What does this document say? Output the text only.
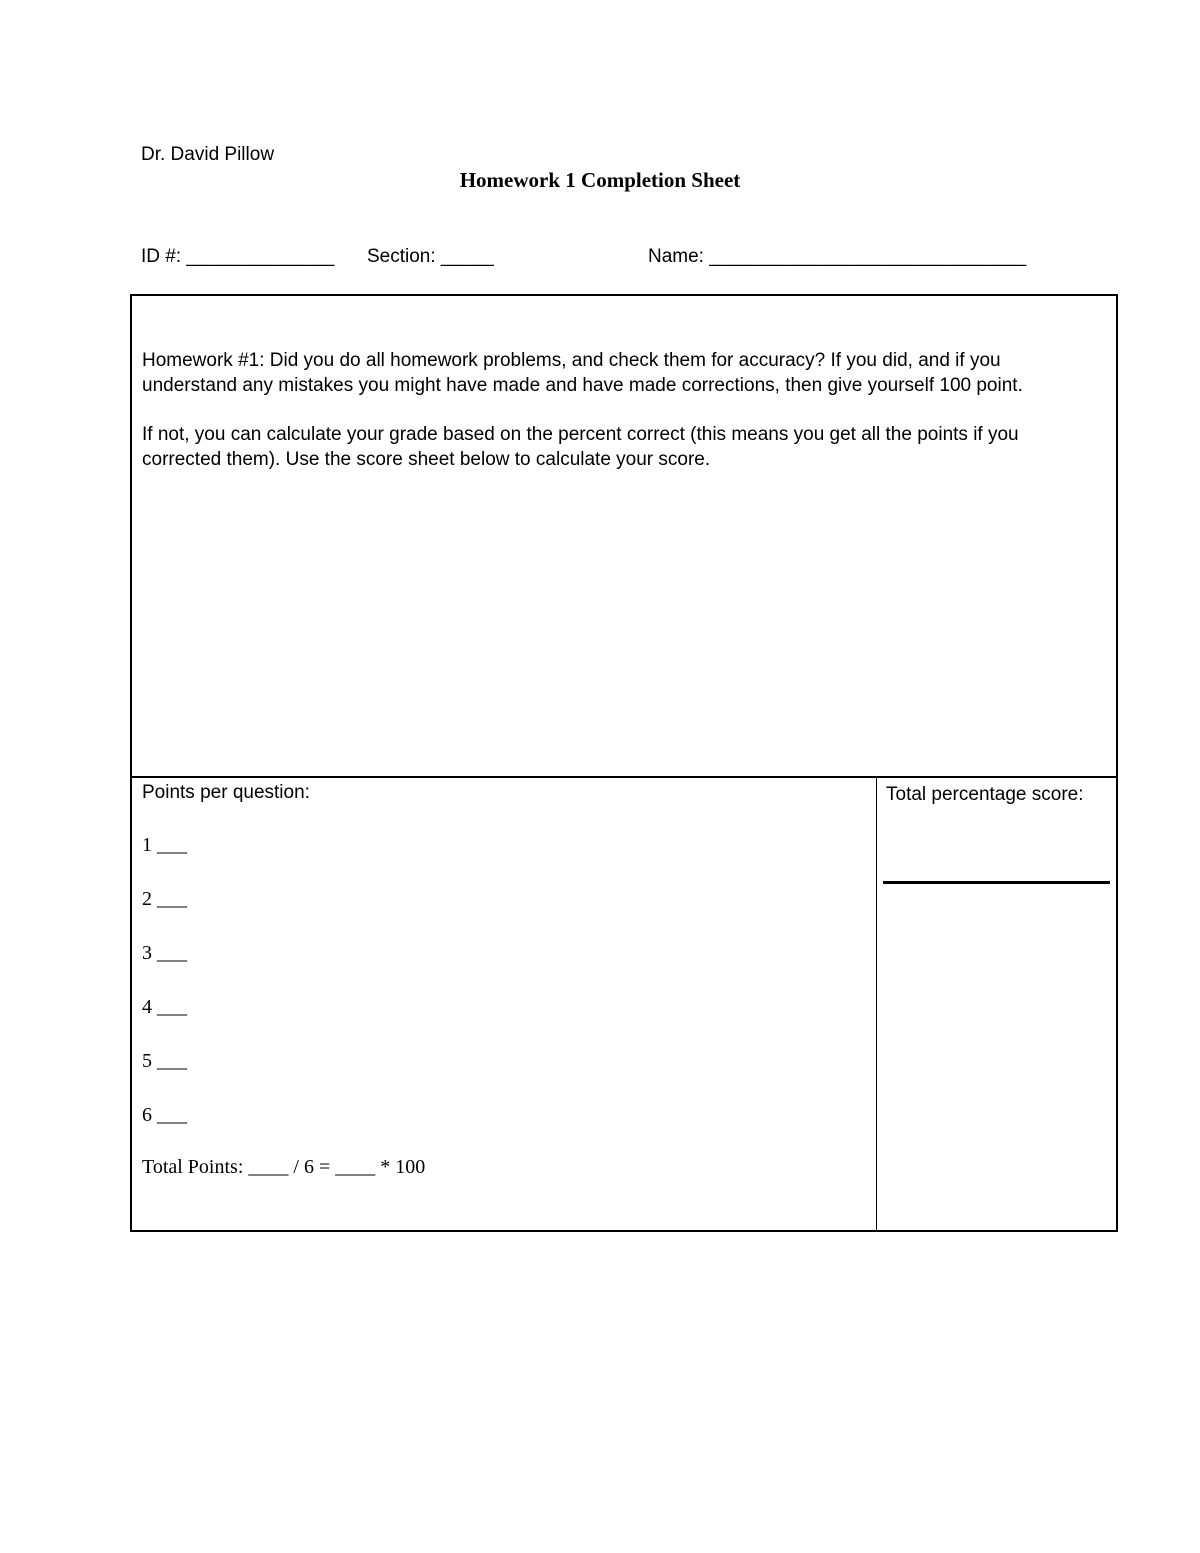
Dr. David Pillow
Homework 1 Completion Sheet
ID #: ______________ Section: _____	Name: ______________________________

Homework #1: Did you do all homework problems, and check them for accuracy? If you did, and if you understand any mistakes you might have made and have made corrections, then give yourself 100 point.

If not, you can calculate your grade based on the percent correct (this means you get all the points if you corrected them). Use the score sheet below to calculate your score.

Points per question:
1 ___
2 ___
3 ___
4 ___
5 ___
6 ___
Total Points: ____ / 6 = ____ * 100
Total percentage score:
